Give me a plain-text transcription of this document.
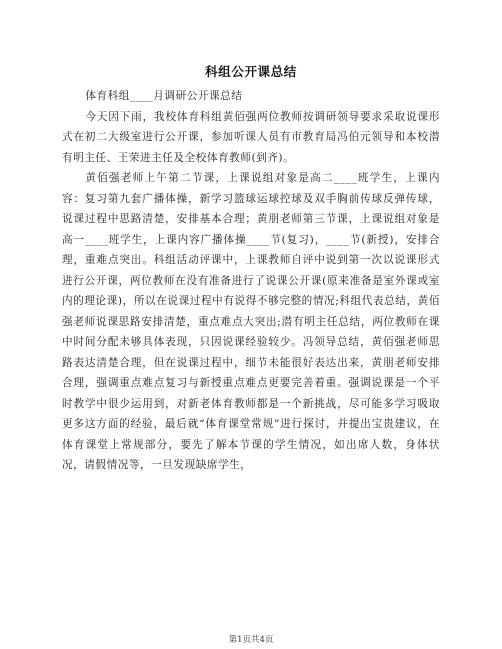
科组公开课总结

体育科组____月调研公开课总结

今天因下雨，我校体育科组黄佰强两位教师按调研领导要求采取说课形式在初二大级室进行公开课，参加听课人员有市教育局冯伯元领导和本校潜有明主任、王荣进主任及全校体育教师(到齐)。

黄佰强老师上午第二节课，上课说组对象是高二____班学生，上课内容：复习第九套广播体操，新学习篮球运球控球及双手胸前传球反弹传球，说课过程中思路清楚，安排基本合理；黄朋老师第三节课，上课说组对象是高一____班学生，上课内容广播体操____节(复习)，____节(新授)，安排合理，重难点突出。科组活动评课中，上课教师自评中说到第一次以说课形式进行公开课，两位教师在没有准备进行了说课公开课(原来准备是室外课或室内的理论课)，所以在说课过程中有说得不够完整的情况;科组代表总结，黄佰强老师说课思路安排清楚，重点难点大突出;潜有明主任总结，两位教师在课中时间分配未够具体表现，只因说课经验较少。冯领导总结，黄佰强老师思路表达清楚合理，但在说课过程中，细节未能很好表达出来，黄朋老师安排合理，强调重点难点复习与新授重点难点更要完善着重。强调说课是一个平时教学中很少运用到，对新老体育教师都是一个新挑战，尽可能多学习吸取更多这方面的经验，最后就“体育课堂常规”进行探讨，并提出宝贵建议，在体育课堂上常规部分，要先了解本节课的学生情况，如出席人数，身体状况，请假情况等，一旦发现缺席学生，

第1页共4页
